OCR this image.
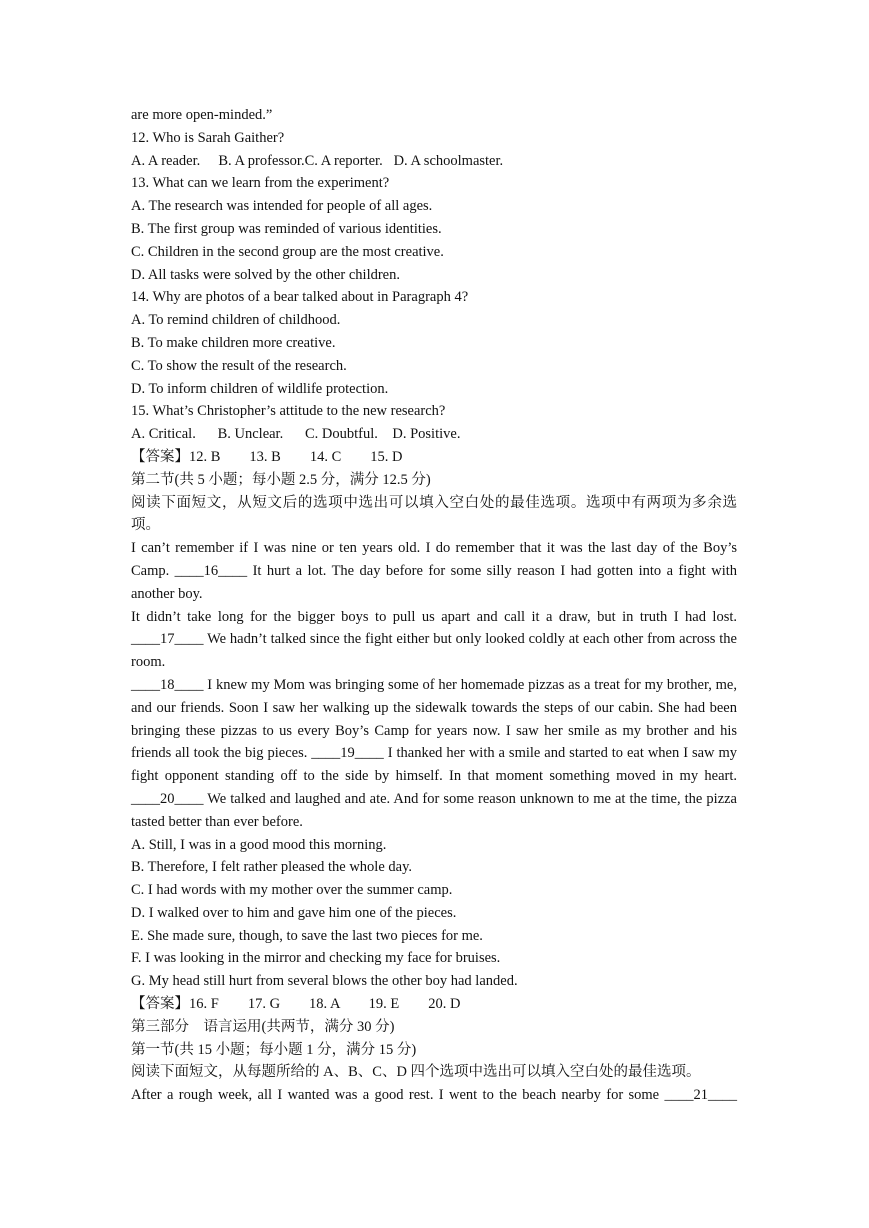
are more open-minded.”
12. Who is Sarah Gaither?
A. A reader.     B. A professor.C. A reporter.   D. A schoolmaster.
13. What can we learn from the experiment?
A. The research was intended for people of all ages.
B. The first group was reminded of various identities.
C. Children in the second group are the most creative.
D. All tasks were solved by the other children.
14. Why are photos of a bear talked about in Paragraph 4?
A. To remind children of childhood.
B. To make children more creative.
C. To show the result of the research.
D. To inform children of wildlife protection.
15. What’s Christopher’s attitude to the new research?
A. Critical.      B. Unclear.      C. Doubtful.    D. Positive.
【答案】12. B        13. B        14. C        15. D
第二节(共 5 小题；每小题 2.5 分，满分 12.5 分)
阅读下面短文，从短文后的选项中选出可以填入空白处的最佳选项。选项中有两项为多余选项。
I can’t remember if I was nine or ten years old. I do remember that it was the last day of the Boy’s Camp. ____16____ It hurt a lot. The day before for some silly reason I had gotten into a fight with another boy.
It didn’t take long for the bigger boys to pull us apart and call it a draw, but in truth I had lost. ____17____ We hadn’t talked since the fight either but only looked coldly at each other from across the room.
____18____ I knew my Mom was bringing some of her homemade pizzas as a treat for my brother, me, and our friends. Soon I saw her walking up the sidewalk towards the steps of our cabin. She had been bringing these pizzas to us every Boy’s Camp for years now. I saw her smile as my brother and his friends all took the big pieces. ____19____ I thanked her with a smile and started to eat when I saw my fight opponent standing off to the side by himself. In that moment something moved in my heart. ____20____ We talked and laughed and ate. And for some reason unknown to me at the time, the pizza tasted better than ever before.
A. Still, I was in a good mood this morning.
B. Therefore, I felt rather pleased the whole day.
C. I had words with my mother over the summer camp.
D. I walked over to him and gave him one of the pieces.
E. She made sure, though, to save the last two pieces for me.
F. I was looking in the mirror and checking my face for bruises.
G. My head still hurt from several blows the other boy had landed.
【答案】16. F        17. G        18. A        19. E        20. D
第三部分    语言运用(共两节，满分 30 分)
第一节(共 15 小题；每小题 1 分，满分 15 分)
阅读下面短文，从每题所给的 A、B、C、D 四个选项中选出可以填入空白处的最佳选项。
After a rough week, all I wanted was a good rest. I went to the beach nearby for some ____21____
